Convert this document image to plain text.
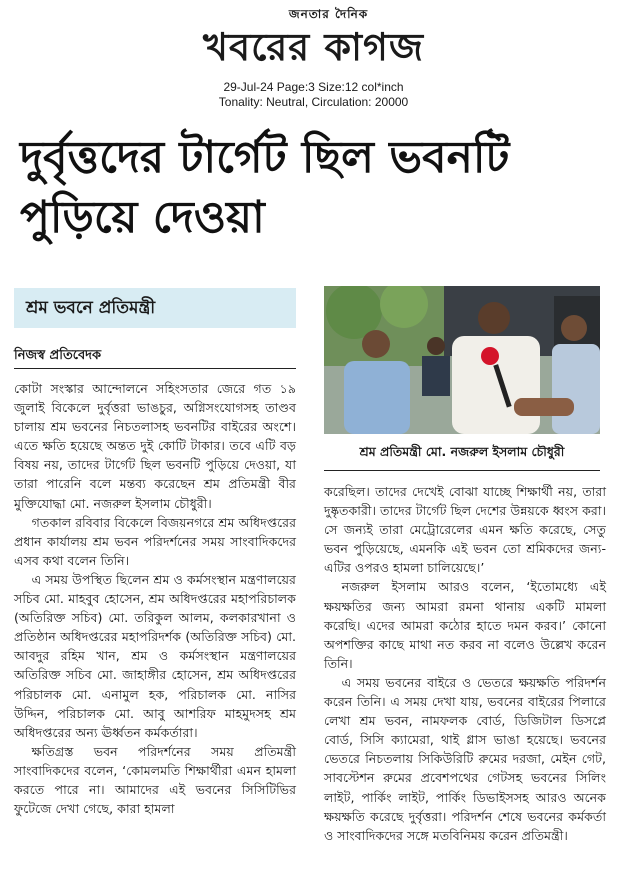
জনতার দৈনিক
খবরের কাগজ
29-Jul-24 Page:3 Size:12 col*inch
Tonality: Neutral, Circulation: 20000
দুর্বৃত্তদের টার্গেট ছিল ভবনটি
পুড়িয়ে দেওয়া
শ্রম ভবনে প্রতিমন্ত্রী
নিজস্ব প্রতিবেদক

কোটা সংস্কার আন্দোলনে সহিংসতার জেরে গত ১৯ জুলাই বিকেলে দুর্বৃত্তরা ভাঙচুর, অগ্নিসংযোগসহ তাণ্ডব চালায় শ্রম ভবনের নিচতলাসহ ভবনটির বাইরের অংশে। এতে ক্ষতি হয়েছে অন্তত দুই কোটি টাকার। তবে এটি বড় বিষয় নয়, তাদের টার্গেট ছিল ভবনটি পুড়িয়ে দেওয়া, যা তারা পারেনি বলে মন্তব্য করেছেন শ্রম প্রতিমন্ত্রী বীর মুক্তিযোদ্ধা মো. নজরুল ইসলাম চৌধুরী।

গতকাল রবিবার বিকেলে বিজয়নগরে শ্রম অধিদপ্তরের প্রধান কার্যালয় শ্রম ভবন পরিদর্শনের সময় সাংবাদিকদের এসব কথা বলেন তিনি।

এ সময় উপস্থিত ছিলেন শ্রম ও কর্মসংস্থান মন্ত্রণালয়ের সচিব মো. মাহবুব হোসেন, শ্রম অধিদপ্তরের মহাপরিচালক (অতিরিক্ত সচিব) মো. তরিকুল আলম, কলকারখানা ও প্রতিষ্ঠান অধিদপ্তরের মহাপরিদর্শক (অতিরিক্ত সচিব) মো. আবদুর রহিম খান, শ্রম ও কর্মসংস্থান মন্ত্রণালয়ের অতিরিক্ত সচিব মো. জাহাঙ্গীর হোসেন, শ্রম অধিদপ্তরের পরিচালক মো. এনামুল হক, পরিচালক মো. নাসির উদ্দিন, পরিচালক মো. আবু আশরিফ মাহমুদসহ শ্রম অধিদপ্তরের অন্য ঊর্ধ্বতন কর্মকর্তারা।

ক্ষতিগ্রস্ত ভবন পরিদর্শনের সময় প্রতিমন্ত্রী সাংবাদিকদের বলেন, ‘কোমলমতি শিক্ষার্থীরা এমন হামলা করতে পারে না। আমাদের এই ভবনের সিসিটিভির ফুটেজে দেখা গেছে, কারা হামলা

শ্রম প্রতিমন্ত্রী মো. নজরুল ইসলাম চৌধুরী

করেছিল। তাদের দেখেই বোঝা যাচ্ছে শিক্ষার্থী নয়, তারা দুষ্কৃতকারী। তাদের টার্গেট ছিল দেশের উন্নয়কে ধ্বংস করা। সে জন্যই তারা মেট্রোরেলের এমন ক্ষতি করেছে, সেতু ভবন পুড়িয়েছে, এমনকি এই ভবন তো শ্রমিকদের জন্য- এটির ওপরও হামলা চালিয়েছে।’

নজরুল ইসলাম আরও বলেন, ‘ইতোমধ্যে এই ক্ষয়ক্ষতির জন্য আমরা রমনা থানায় একটি মামলা করেছি। এদের আমরা কঠোর হাতে দমন করব।’ কোনো অপশক্তির কাছে মাথা নত করব না বলেও উল্লেখ করেন তিনি।

এ সময় ভবনের বাইরে ও ভেতরে ক্ষয়ক্ষতি পরিদর্শন করেন তিনি। এ সময় দেখা যায়, ভবনের বাইরের পিলারে লেখা শ্রম ভবন, নামফলক বোর্ড, ডিজিটাল ডিসপ্লে বোর্ড, সিসি ক্যামেরা, থাই গ্লাস ভাঙা হয়েছে। ভবনের ভেতরে নিচতলায় সিকিউরিটি রুমের দরজা, মেইন গেট, সাবস্টেশন রুমের প্রবেশপথের গেটসহ ভবনের সিলিং লাইট, পার্কিং লাইট, পার্কিং ডিভাইসসহ আরও অনেক ক্ষয়ক্ষতি করেছে দুর্বৃত্তরা। পরিদর্শন শেষে ভবনের কর্মকর্তা ও সাংবাদিকদের সঙ্গে মতবিনিময় করেন প্রতিমন্ত্রী।
